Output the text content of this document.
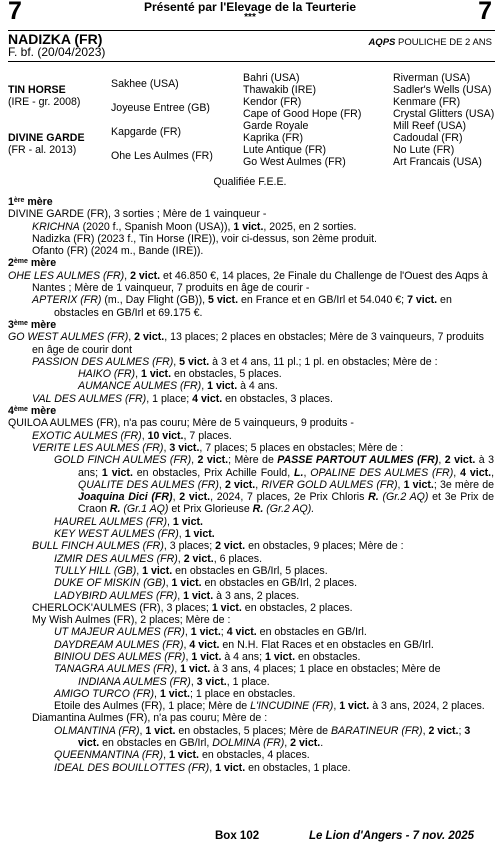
7	7
Présenté par l'Elevage de la Teurterie
***
NADIZKA (FR)
F. bf. (20/04/2023)
AQPS POULICHE DE 2 ANS
TIN HORSE
(IRE - gr. 2008)
DIVINE GARDE
(FR - al. 2013)
Sakhee (USA)
Joyeuse Entree (GB)
Kapgarde (FR)
Ohe Les Aulmes (FR)
Bahri (USA)
Thawakib (IRE)
Kendor (FR)
Cape of Good Hope (FR)
Garde Royale
Kaprika (FR)
Lute Antique (FR)
Go West Aulmes (FR)
Riverman (USA)
Sadler's Wells (USA)
Kenmare (FR)
Crystal Glitters (USA)
Mill Reef (USA)
Cadoudal (FR)
No Lute (FR)
Art Francais (USA)
Qualifiée F.E.E.

1ère mère

DIVINE GARDE (FR), 3 sorties ; Mère de 1 vainqueur -

KRICHNA (2020 f., Spanish Moon (USA)), 1 vict., 2025, en 2 sorties.

Nadizka (FR) (2023 f., Tin Horse (IRE)), voir ci-dessus, son 2ème produit.

Ofanto (FR) (2024 m., Bande (IRE)).

2ème mère

OHE LES AULMES (FR), 2 vict. et 46.850 €, 14 places, 2e Finale du Challenge de l'Ouest des Aqps à Nantes ; Mère de 1 vainqueur, 7 produits en âge de courir -

APTERIX (FR) (m., Day Flight (GB)), 5 vict. en France et en GB/Irl et 54.040 €; 7 vict. en obstacles en GB/Irl et 69.175 €.

3ème mère

GO WEST AULMES (FR), 2 vict., 13 places; 2 places en obstacles; Mère de 3 vainqueurs, 7 produits en âge de courir dont

PASSION DES AULMES (FR), 5 vict. à 3 et 4 ans, 11 pl.; 1 pl. en obstacles; Mère de :

HAIKO (FR), 1 vict. en obstacles, 5 places.

AUMANCE AULMES (FR), 1 vict. à 4 ans.

VAL DES AULMES (FR), 1 place; 4 vict. en obstacles, 3 places.

4ème mère

QUILOA AULMES (FR), n'a pas couru; Mère de 5 vainqueurs, 9 produits -

EXOTIC AULMES (FR), 10 vict., 7 places.

VERITE LES AULMES (FR), 3 vict., 7 places; 5 places en obstacles; Mère de :

GOLD FINCH AULMES (FR), 2 vict.; Mère de PASSE PARTOUT AULMES (FR), 2 vict. à 3 ans; 1 vict. en obstacles, Prix Achille Fould, L., OPALINE DES AULMES (FR), 4 vict., QUALITE DES AULMES (FR), 2 vict., RIVER GOLD AULMES (FR), 1 vict.; 3e mère de Joaquina Dici (FR), 2 vict., 2024, 7 places, 2e Prix Chloris R. (Gr.2 AQ) et 3e Prix de Craon R. (Gr.1 AQ) et Prix Glorieuse R. (Gr.2 AQ).

HAUREL AULMES (FR), 1 vict.

KEY WEST AULMES (FR), 1 vict.

BULL FINCH AULMES (FR), 3 places; 2 vict. en obstacles, 9 places; Mère de :

IZMIR DES AULMES (FR), 2 vict., 6 places.

TULLY HILL (GB), 1 vict. en obstacles en GB/Irl, 5 places.

DUKE OF MISKIN (GB), 1 vict. en obstacles en GB/Irl, 2 places.

LADYBIRD AULMES (FR), 1 vict. à 3 ans, 2 places.

CHERLOCK'AULMES (FR), 3 places; 1 vict. en obstacles, 2 places.

My Wish Aulmes (FR), 2 places; Mère de :

UT MAJEUR AULMES (FR), 1 vict.; 4 vict. en obstacles en GB/Irl.

DAYDREAM AULMES (FR), 4 vict. en N.H. Flat Races et en obstacles en GB/Irl.

BINIOU DES AULMES (FR), 1 vict. à 4 ans; 1 vict. en obstacles.

TANAGRA AULMES (FR), 1 vict. à 3 ans, 4 places; 1 place en obstacles; Mère de

INDIANA AULMES (FR), 3 vict., 1 place.

AMIGO TURCO (FR), 1 vict.; 1 place en obstacles.

Etoile des Aulmes (FR), 1 place; Mère de L'INCUDINE (FR), 1 vict. à 3 ans, 2024, 2 places.

Diamantina Aulmes (FR), n'a pas couru; Mère de :

OLMANTINA (FR), 1 vict. en obstacles, 5 places; Mère de BARATINEUR (FR), 2 vict.; 3 vict. en obstacles en GB/Irl, DOLMINA (FR), 2 vict..

QUEENMANTINA (FR), 1 vict. en obstacles, 4 places.

IDEAL DES BOUILLOTTES (FR), 1 vict. en obstacles, 1 place.

Box 102	Le Lion d'Angers - 7 nov. 2025
